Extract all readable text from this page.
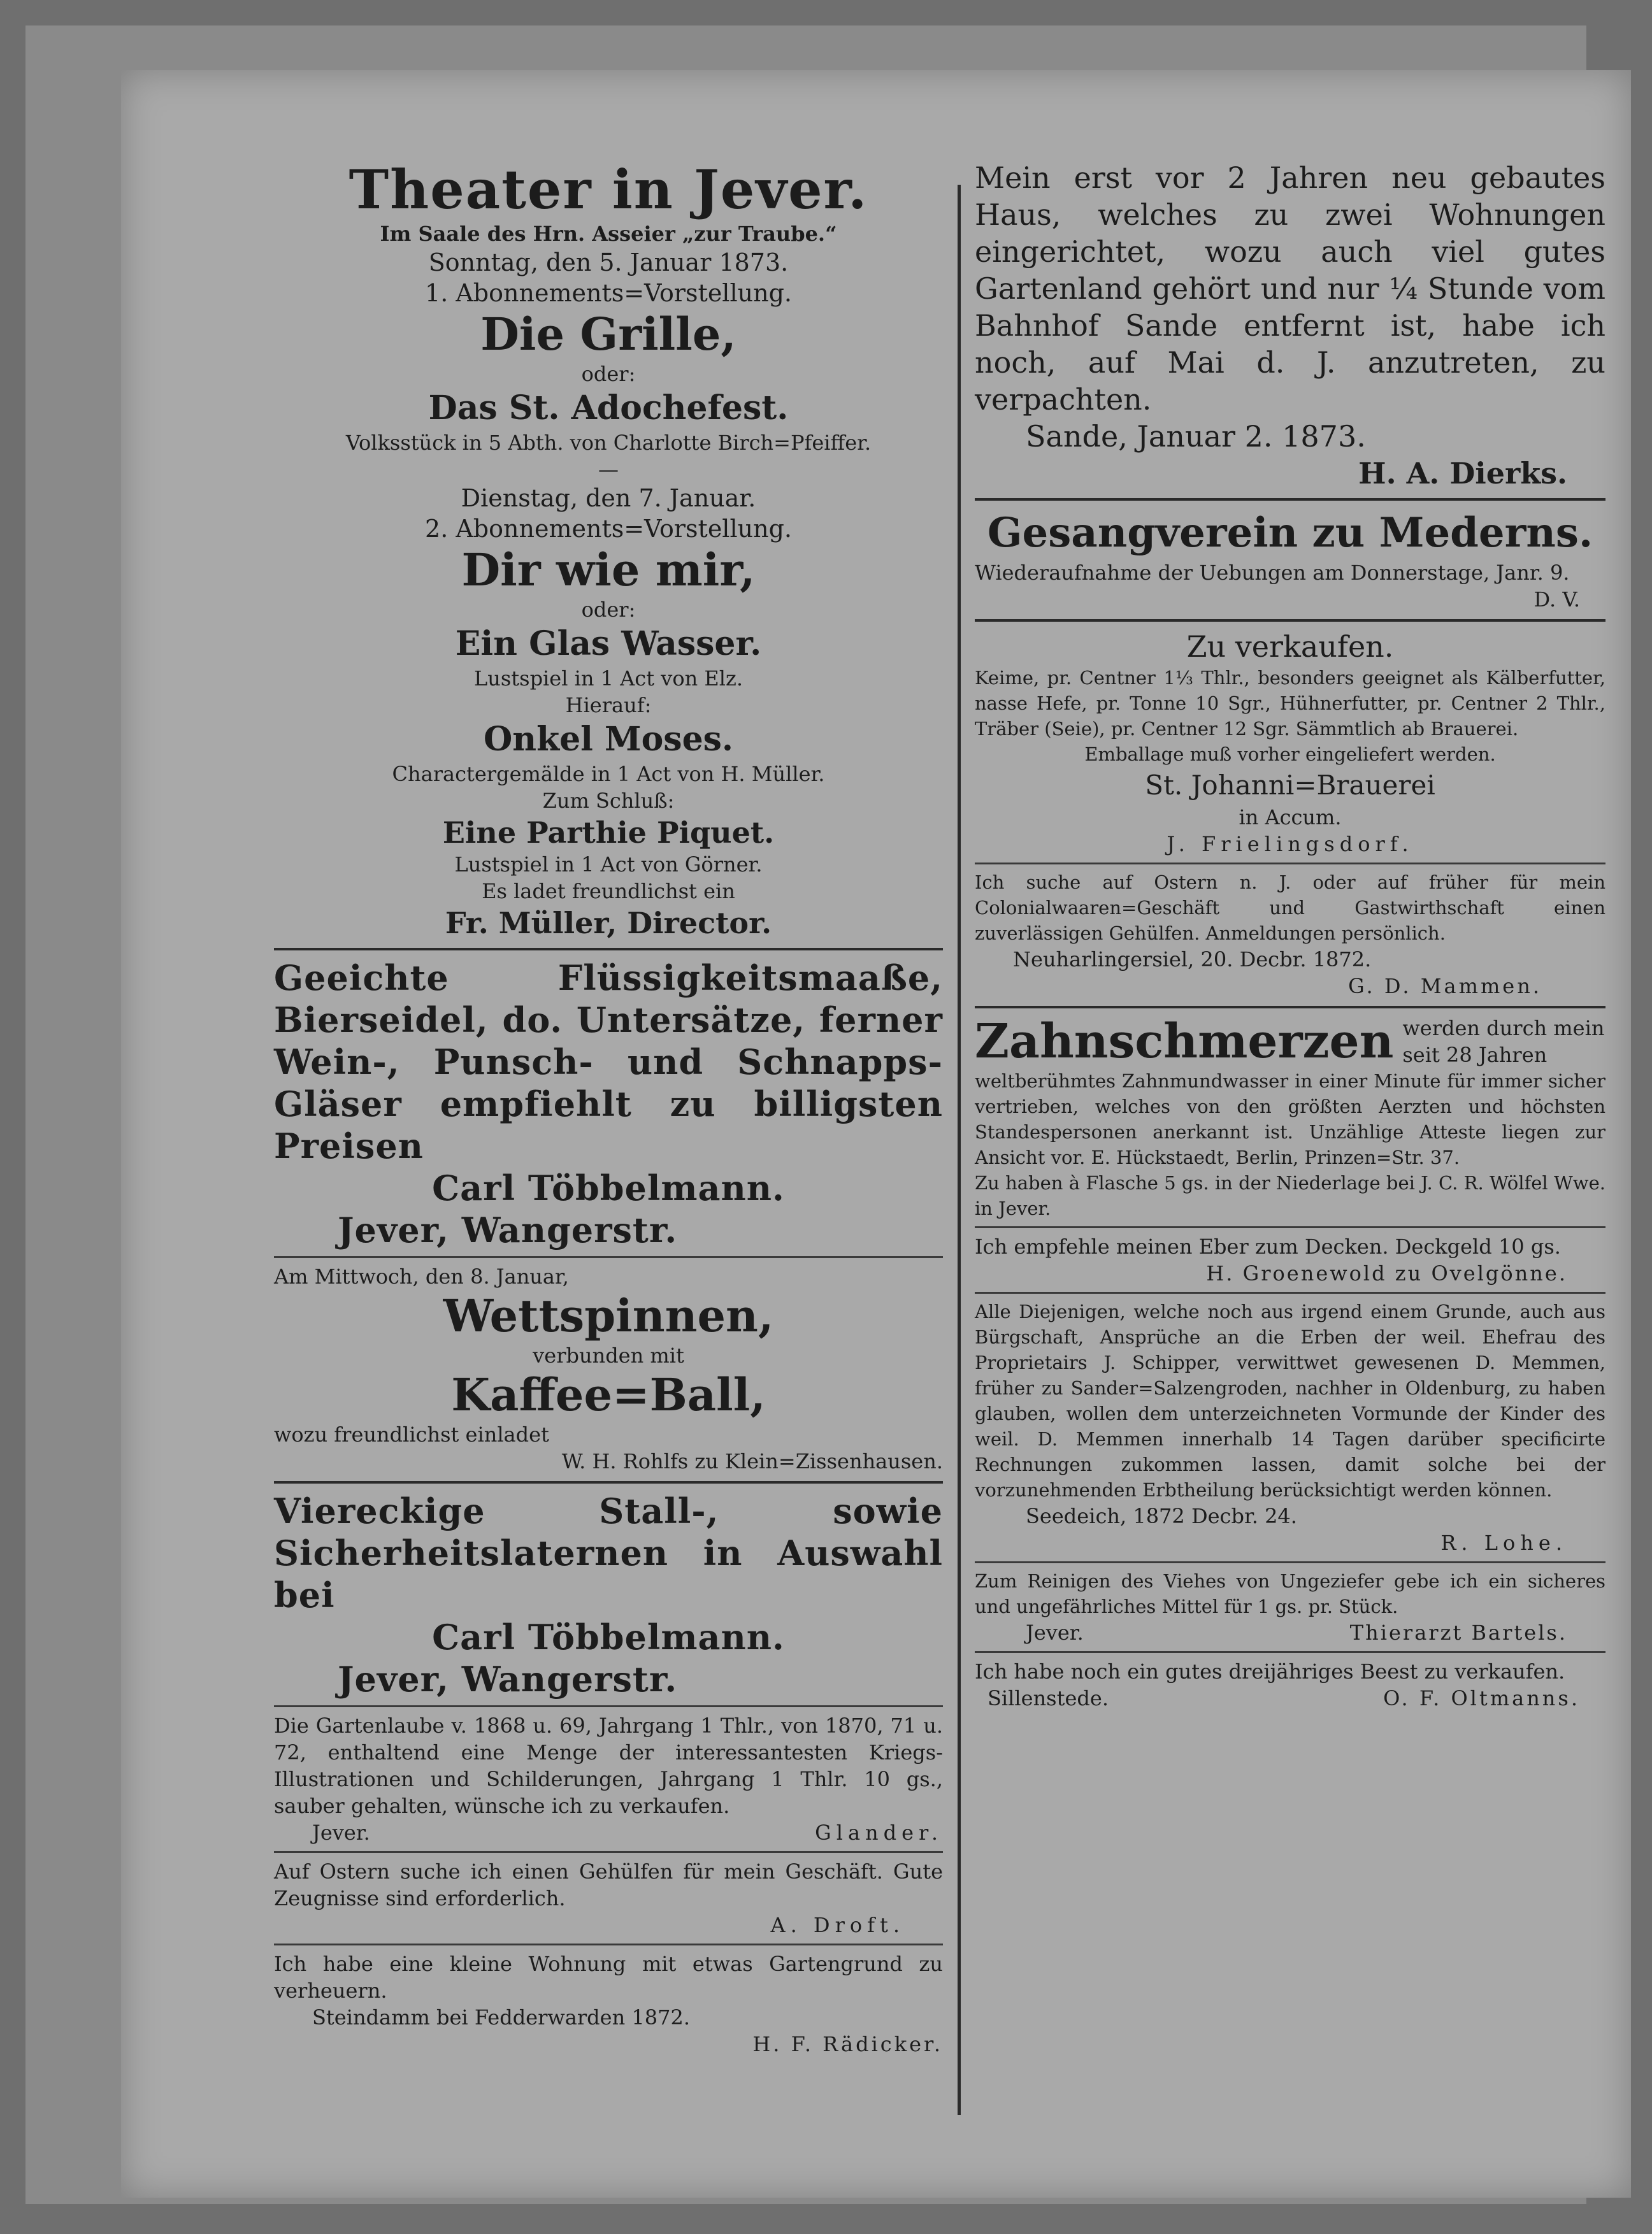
Theater in Jever.
Im Saale des Hrn. Asseier „zur Traube.“
Sonntag, den 5. Januar 1873.
1. Abonnements=Vorstellung.
Die Grille,
oder:
Das St. Adochefest.
Volksstück in 5 Abth. von Charlotte Birch=Pfeiffer.
—
Dienstag, den 7. Januar.
2. Abonnements=Vorstellung.
Dir wie mir,
oder:
Ein Glas Wasser.
Lustspiel in 1 Act von Elz.
Hierauf:
Onkel Moses.
Charactergemälde in 1 Act von H. Müller.
Zum Schluß:
Eine Parthie Piquet.
Lustspiel in 1 Act von Görner.
Es ladet freundlichst ein
Fr. Müller, Director.
Geeichte Flüssigkeitsmaaße, Bierseidel, do. Untersätze, ferner Wein-, Punsch- und Schnapps-Gläser empfiehlt zu billigsten Preisen
Carl Többelmann.
Jever, Wangerstr.
Am Mittwoch, den 8. Januar,
Wettspinnen,
verbunden mit
Kaffee=Ball,
wozu freundlichst einladet
W. H. Rohlfs zu Klein=Zissenhausen.
Viereckige Stall-, sowie Sicherheitslaternen in Auswahl bei
Carl Többelmann.
Jever, Wangerstr.
Die Gartenlaube v. 1868 u. 69, Jahrgang 1 Thlr., von 1870, 71 u. 72, enthaltend eine Menge der interessantesten Kriegs-Illustrationen und Schilderungen, Jahrgang 1 Thlr. 10 gs., sauber gehalten, wünsche ich zu verkaufen.
Jever.	Glander.
Auf Ostern suche ich einen Gehülfen für mein Geschäft. Gute Zeugnisse sind erforderlich.
A. Droft.
Ich habe eine kleine Wohnung mit etwas Gartengrund zu verheuern.
Steindamm bei Fedderwarden 1872.
H. F. Rädicker.
Mein erst vor 2 Jahren neu gebautes Haus, welches zu zwei Wohnungen eingerichtet, wozu auch viel gutes Gartenland gehört und nur ¼ Stunde vom Bahnhof Sande entfernt ist, habe ich noch, auf Mai d. J. anzutreten, zu verpachten.
Sande, Januar 2. 1873.
H. A. Dierks.
Gesangverein zu Mederns.
Wiederaufnahme der Uebungen am Donnerstage, Janr. 9.
D. V.
Zu verkaufen.
Keime, pr. Centner 1⅓ Thlr., besonders geeignet als Kälberfutter, nasse Hefe, pr. Tonne 10 Sgr., Hühnerfutter, pr. Centner 2 Thlr., Träber (Seie), pr. Centner 12 Sgr. Sämmtlich ab Brauerei.
Emballage muß vorher eingeliefert werden.
St. Johanni=Brauerei
in Accum.
J. Frielingsdorf.
Ich suche auf Ostern n. J. oder auf früher für mein Colonialwaaren=Geschäft und Gastwirthschaft einen zuverlässigen Gehülfen. Anmeldungen persönlich.
Neuharlingersiel, 20. Decbr. 1872.
G. D. Mammen.
Zahnschmerzen werden durch mein seit 28 Jahren
weltberühmtes Zahnmundwasser in einer Minute für immer sicher vertrieben, welches von den größten Aerzten und höchsten Standespersonen anerkannt ist. Unzählige Atteste liegen zur Ansicht vor. E. Hückstaedt, Berlin, Prinzen=Str. 37.
Zu haben à Flasche 5 gs. in der Niederlage bei J. C. R. Wölfel Wwe. in Jever.
Ich empfehle meinen Eber zum Decken. Deckgeld 10 gs.
H. Groenewold zu Ovelgönne.
Alle Diejenigen, welche noch aus irgend einem Grunde, auch aus Bürgschaft, Ansprüche an die Erben der weil. Ehefrau des Proprietairs J. Schipper, verwittwet gewesenen D. Memmen, früher zu Sander=Salzengroden, nachher in Oldenburg, zu haben glauben, wollen dem unterzeichneten Vormunde der Kinder des weil. D. Memmen innerhalb 14 Tagen darüber specificirte Rechnungen zukommen lassen, damit solche bei der vorzunehmenden Erbtheilung berücksichtigt werden können.
Seedeich, 1872 Decbr. 24.
R. Lohe.
Zum Reinigen des Viehes von Ungeziefer gebe ich ein sicheres und ungefährliches Mittel für 1 gs. pr. Stück.
Jever.	Thierarzt Bartels.
Ich habe noch ein gutes dreijähriges Beest zu verkaufen.
Sillenstede.	O. F. Oltmanns.
